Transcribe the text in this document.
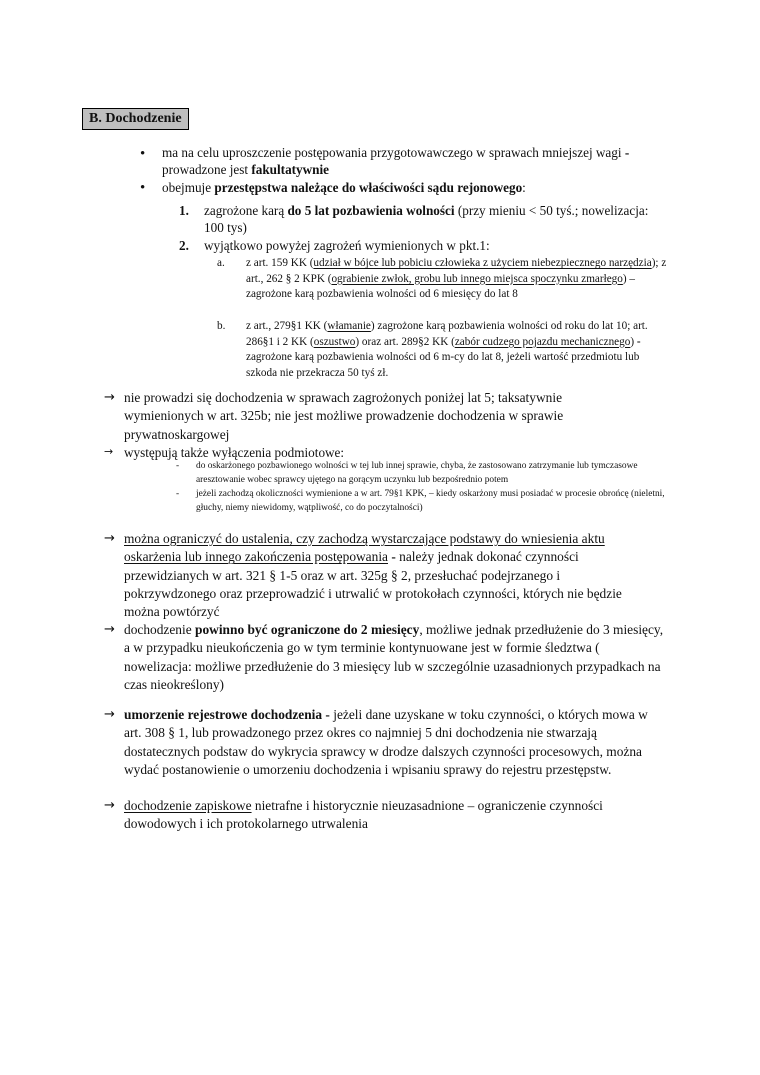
B. Dochodzenie
• ma na celu uproszczenie postępowania przygotowawczego w sprawach mniejszej wagi -
prowadzone jest fakultatywnie
• obejmuje przestępstwa należące do właściwości sądu rejonowego:
1. zagrożone karą do 5 lat pozbawienia wolności (przy mieniu < 50 tyś.; nowelizacja: 100 tys)
2. wyjątkowo powyżej zagrożeń wymienionych w pkt.1:
a. z art. 159 KK (udział w bójce lub pobiciu człowieka z użyciem niebezpiecznego narzędzia); z art., 262 § 2 KPK (ograbienie zwłok, grobu lub innego miejsca spoczynku zmarłego) – zagrożone karą pozbawienia wolności od 6 miesięcy do lat 8
b. z art., 279§1 KK (włamanie) zagrożone karą pozbawienia wolności od roku do lat 10; art. 286§1 i 2 KK (oszustwo) oraz art. 289§2 KK (zabór cudzego pojazdu mechanicznego) - zagrożone karą pozbawienia wolności od 6 m-cy do lat 8, jeżeli wartość przedmiotu lub szkoda nie przekracza 50 tyś zł.
→ nie prowadzi się dochodzenia w sprawach zagrożonych poniżej lat 5; taksatywnie wymienionych w art. 325b; nie jest możliwe prowadzenie dochodzenia w sprawie prywatnoskargowej
→ występują także wyłączenia podmiotowe:
- do oskarżonego pozbawionego wolności w tej lub innej sprawie, chyba, że zastosowano zatrzymanie lub tymczasowe aresztowanie wobec sprawcy ujętego na gorącym uczynku lub bezpośrednio potem
- jeżeli zachodzą okoliczności wymienione a w art. 79§1 KPK, – kiedy oskarżony musi posiadać w procesie obrońcę (nieletni, głuchy, niemy niewidomy, wątpliwość, co do poczytalności)
→ można ograniczyć do ustalenia, czy zachodzą wystarczające podstawy do wniesienia aktu oskarżenia lub innego zakończenia postępowania - należy jednak dokonać czynności przewidzianych w art. 321 § 1-5 oraz w art. 325g § 2, przesłuchać podejrzanego i pokrzywdzonego oraz przeprowadzić i utrwalić w protokołach czynności, których nie będzie można powtórzyć
→ dochodzenie powinno być ograniczone do 2 miesięcy, możliwe jednak przedłużenie do 3 miesięcy, a w przypadku nieukończenia go w tym terminie kontynuowane jest w formie śledztwa ( nowelizacja: możliwe przedłużenie do 3 miesięcy lub w szczególnie uzasadnionych przypadkach na czas nieokreślony)
→ umorzenie rejestrowe dochodzenia - jeżeli dane uzyskane w toku czynności, o których mowa w art. 308 § 1, lub prowadzonego przez okres co najmniej 5 dni dochodzenia nie stwarzają dostatecznych podstaw do wykrycia sprawcy w drodze dalszych czynności procesowych, można wydać postanowienie o umorzeniu dochodzenia i wpisaniu sprawy do rejestru przestępstw.
→ dochodzenie zapiskowe nietrafne i historycznie nieuzasadnione – ograniczenie czynności dowodowych i ich protokolarnego utrwalenia
